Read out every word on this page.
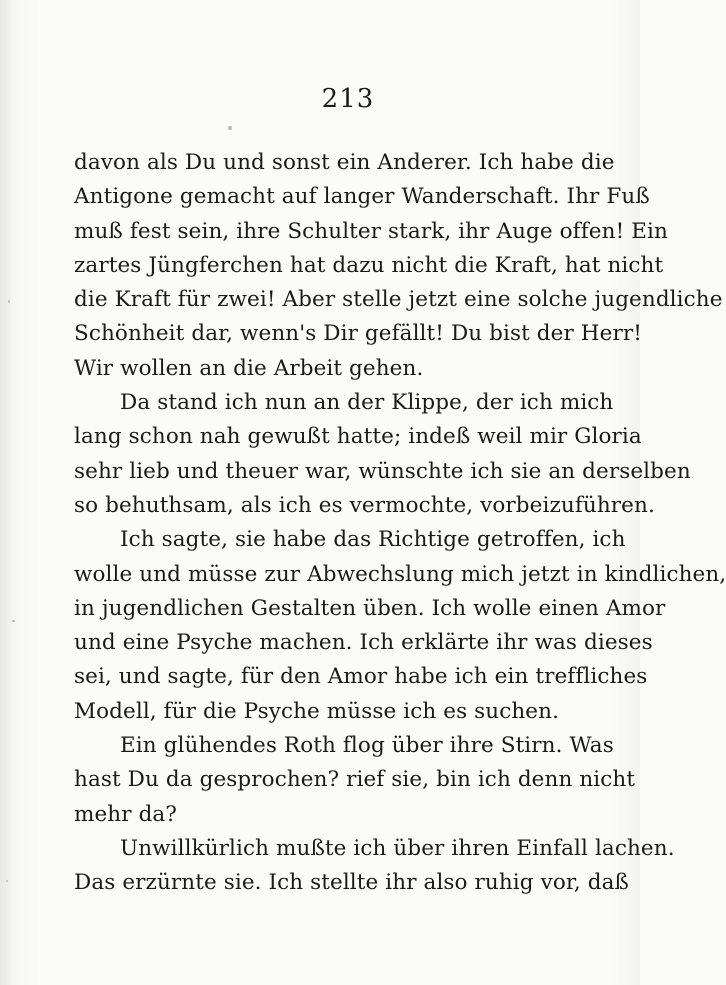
213
davon als Du und sonst ein Anderer. Ich habe die
Antigone gemacht auf langer Wanderschaft. Ihr Fuß
muß fest sein, ihre Schulter stark, ihr Auge offen! Ein
zartes Jüngferchen hat dazu nicht die Kraft, hat nicht
die Kraft für zwei! Aber stelle jetzt eine solche jugendliche
Schönheit dar, wenn's Dir gefällt! Du bist der Herr!
Wir wollen an die Arbeit gehen.
Da stand ich nun an der Klippe, der ich mich
lang schon nah gewußt hatte; indeß weil mir Gloria
sehr lieb und theuer war, wünschte ich sie an derselben
so behuthsam, als ich es vermochte, vorbeizuführen.
Ich sagte, sie habe das Richtige getroffen, ich
wolle und müsse zur Abwechslung mich jetzt in kindlichen,
in jugendlichen Gestalten üben. Ich wolle einen Amor
und eine Psyche machen. Ich erklärte ihr was dieses
sei, und sagte, für den Amor habe ich ein treffliches
Modell, für die Psyche müsse ich es suchen.
Ein glühendes Roth flog über ihre Stirn. Was
hast Du da gesprochen? rief sie, bin ich denn nicht
mehr da?
Unwillkürlich mußte ich über ihren Einfall lachen.
Das erzürnte sie. Ich stellte ihr also ruhig vor, daß
